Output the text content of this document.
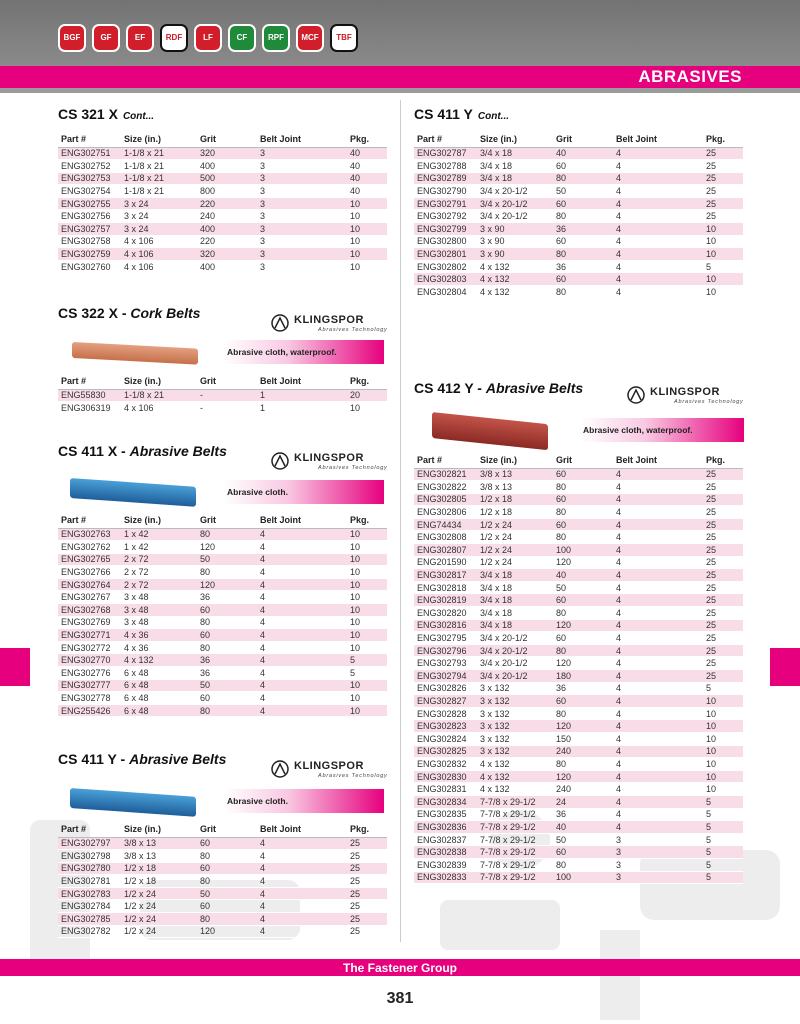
BGF	GF	EF	RDF	LF	CF	RPF MCF TBF
ABRASIVES
CS 321 X Cont...
Part #	Size (in.)	Grit	Belt Joint	Pkg.
ENG302751	1-1/8 x 21	320	3	40
ENG302752	1-1/8 x 21	400	3	40
ENG302753	1-1/8 x 21	500	3	40
ENG302754	1-1/8 x 21	800	3	40
ENG302755	3 x 24	220	3	10
ENG302756	3 x 24	240	3	10
ENG302757	3 x 24	400	3	10
ENG302758	4 x 106	220	3	10
ENG302759	4 x 106	320	3	10
ENG302760	4 x 106	400	3	10
CS 322 X - Cork Belts	KLINGSPOR
Abrasives Technology
Abrasive cloth, waterproof.
Part #	Size (in.)	Grit	Belt Joint	Pkg.
ENG55830	1-1/8 x 21	-	1	20
ENG306319	4 x 106	-	1	10
CS 411 X - Abrasive Belts	KLINGSPOR
Abrasives Technology
Abrasive cloth.
Part #	Size (in.)	Grit	Belt Joint	Pkg.
ENG302763	1 x 42	80	4	10
ENG302762	1 x 42	120	4	10
ENG302765	2 x 72	50	4	10
ENG302766	2 x 72	80	4	10
ENG302764	2 x 72	120	4	10
ENG302767	3 x 48	36	4	10
ENG302768	3 x 48	60	4	10
ENG302769	3 x 48	80	4	10
ENG302771	4 x 36	60	4	10
ENG302772	4 x 36	80	4	10
ENG302770	4 x 132	36	4	5
ENG302776	6 x 48	36	4	5
ENG302777	6 x 48	50	4	10
ENG302778	6 x 48	60	4	10
ENG255426	6 x 48	80	4	10
CS 411 Y - Abrasive Belts	KLINGSPOR
Abrasives Technology
Abrasive cloth.
Part #	Size (in.)	Grit	Belt Joint	Pkg.
ENG302797	3/8 x 13	60	4	25
ENG302798	3/8 x 13	80	4	25
ENG302780	1/2 x 18	60	4	25
ENG302781	1/2 x 18	80	4	25
ENG302783	1/2 x 24	50	4	25
ENG302784	1/2 x 24	60	4	25
ENG302785	1/2 x 24	80	4	25
ENG302782	1/2 x 24	120	4	25
CS 411 Y Cont...
Part #	Size (in.)	Grit	Belt Joint	Pkg.
ENG302787	3/4 x 18	40	4	25
ENG302788	3/4 x 18	60	4	25
ENG302789	3/4 x 18	80	4	25
ENG302790	3/4 x 20-1/2	50	4	25
ENG302791	3/4 x 20-1/2	60	4	25
ENG302792	3/4 x 20-1/2	80	4	25
ENG302799	3 x 90	36	4	10
ENG302800	3 x 90	60	4	10
ENG302801	3 x 90	80	4	10
ENG302802	4 x 132	36	4	5
ENG302803	4 x 132	60	4	10
ENG302804	4 x 132	80	4	10
CS 412 Y - Abrasive Belts	KLINGSPOR
Abrasives Technology
Abrasive cloth, waterproof.
Part #	Size (in.)	Grit	Belt Joint	Pkg.
ENG302821	3/8 x 13	60	4	25
ENG302822	3/8 x 13	80	4	25
ENG302805	1/2 x 18	60	4	25
ENG302806	1/2 x 18	80	4	25
ENG74434	1/2 x 24	60	4	25
ENG302808	1/2 x 24	80	4	25
ENG302807	1/2 x 24	100	4	25
ENG201590	1/2 x 24	120	4	25
ENG302817	3/4 x 18	40	4	25
ENG302818	3/4 x 18	50	4	25
ENG302819	3/4 x 18	60	4	25
ENG302820	3/4 x 18	80	4	25
ENG302816	3/4 x 18	120	4	25
ENG302795	3/4 x 20-1/2	60	4	25
ENG302796	3/4 x 20-1/2	80	4	25
ENG302793	3/4 x 20-1/2	120	4	25
ENG302794	3/4 x 20-1/2	180	4	25
ENG302826	3 x 132	36	4	5
ENG302827	3 x 132	60	4	10
ENG302828	3 x 132	80	4	10
ENG302823	3 x 132	120	4	10
ENG302824	3 x 132	150	4	10
ENG302825	3 x 132	240	4	10
ENG302832	4 x 132	80	4	10
ENG302830	4 x 132	120	4	10
ENG302831	4 x 132	240	4	10
ENG302834	7-7/8 x 29-1/2	24	4	5
ENG302835	7-7/8 x 29-1/2	36	4	5
ENG302836	7-7/8 x 29-1/2	40	4	5
ENG302837	7-7/8 x 29-1/2	50	3	5
ENG302838	7-7/8 x 29-1/2	60	3	5
ENG302839	7-7/8 x 29-1/2	80	3	5
ENG302833	7-7/8 x 29-1/2	100	3	5
The Fastener Group
381
